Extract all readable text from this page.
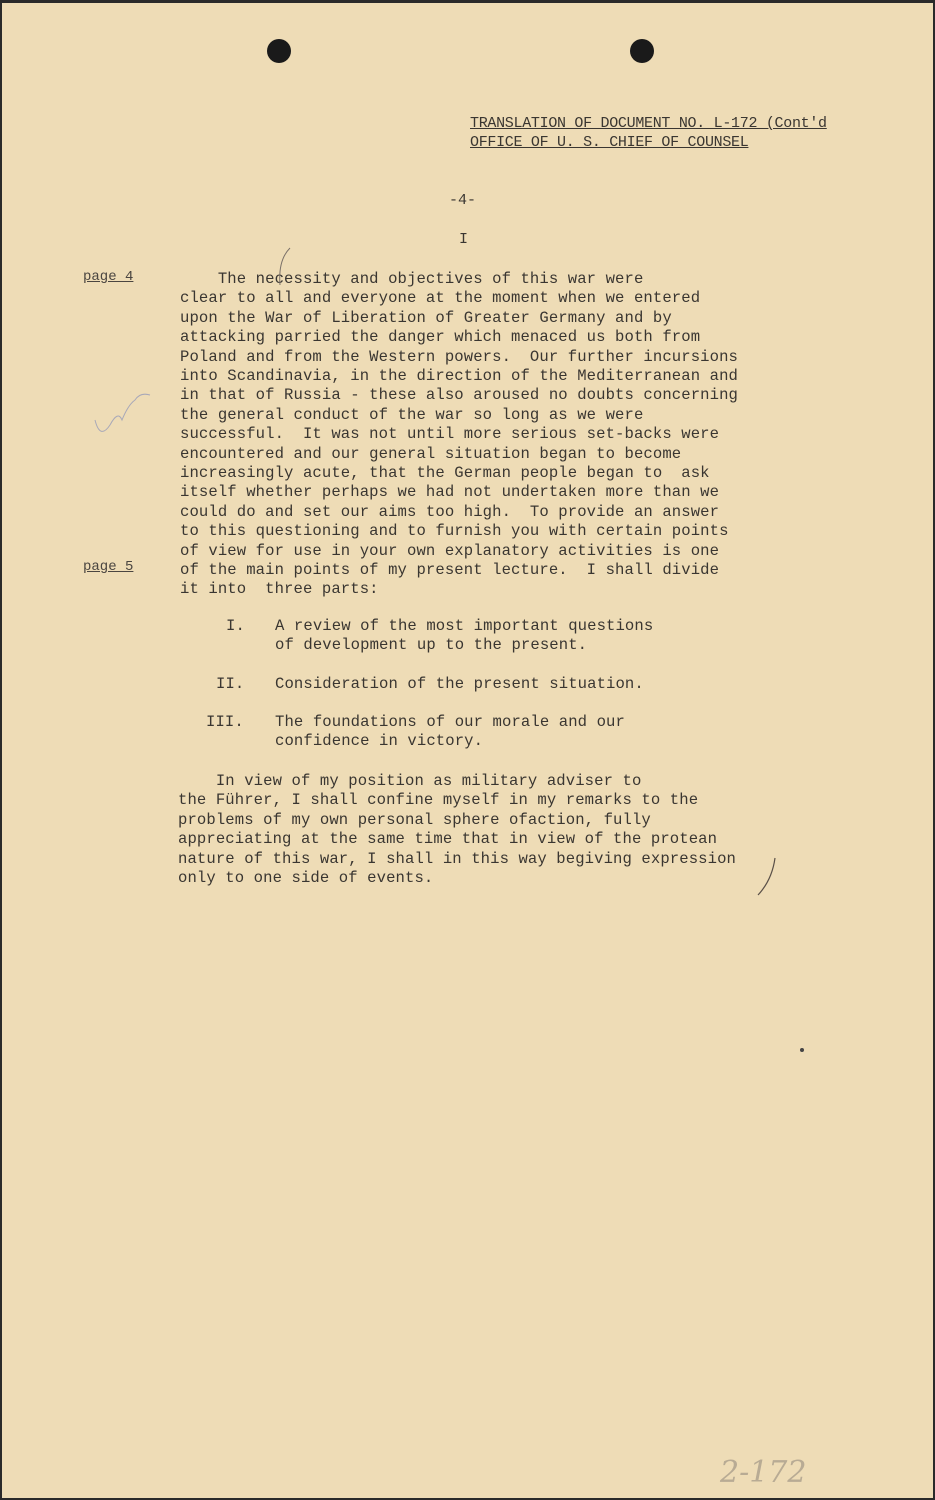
TRANSLATION OF DOCUMENT NO. L-172 (Cont'd
OFFICE OF U. S. CHIEF OF COUNSEL
-4-
I
page 4
page 5
The necessity and objectives of this war were
clear to all and everyone at the moment when we entered
upon the War of Liberation of Greater Germany and by
attacking parried the danger which menaced us both from
Poland and from the Western powers.  Our further incursions
into Scandinavia, in the direction of the Mediterranean and
in that of Russia - these also aroused no doubts concerning
the general conduct of the war so long as we were
successful.  It was not until more serious set-backs were
encountered and our general situation began to become
increasingly acute, that the German people began to  ask
itself whether perhaps we had not undertaken more than we
could do and set our aims too high.  To provide an answer
to this questioning and to furnish you with certain points
of view for use in your own explanatory activities is one
of the main points of my present lecture.  I shall divide
it into  three parts:
I. A review of the most important questions
of development up to the present.
II. Consideration of the present situation.
III. The foundations of our morale and our
confidence in victory.
In view of my position as military adviser to
the Führer, I shall confine myself in my remarks to the
problems of my own personal sphere ofaction, fully
appreciating at the same time that in view of the protean
nature of this war, I shall in this way begiving expression
only to one side of events.
2-172
